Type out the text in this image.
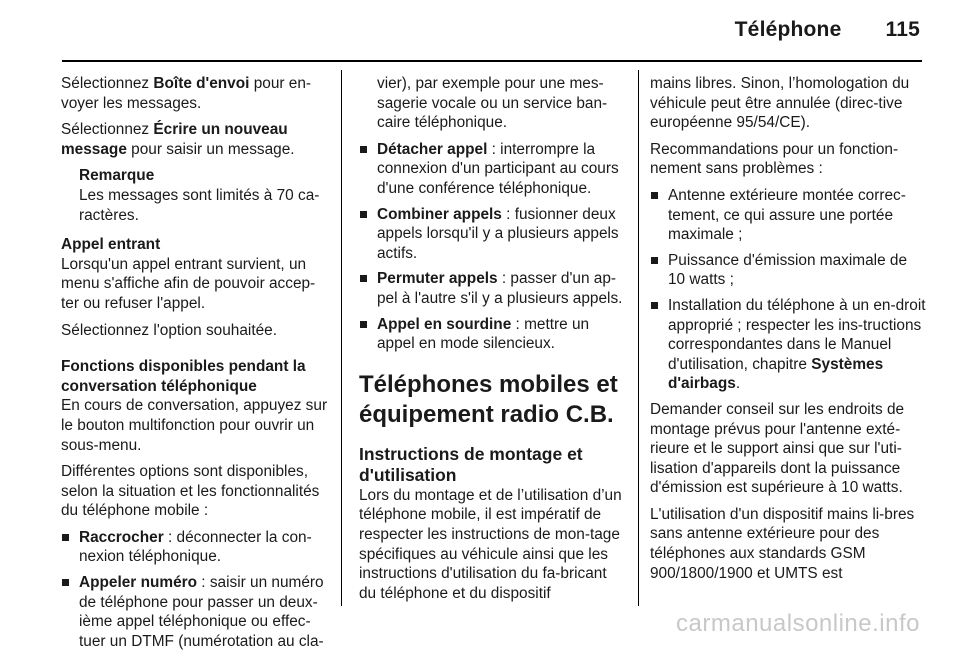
Téléphone 115

Sélectionnez Boîte d'envoi pour en-voyer les messages.

Sélectionnez Écrire un nouveau message pour saisir un message.

Remarque
Les messages sont limités à 70 ca-ractères.
Appel entrant

Lorsqu'un appel entrant survient, un menu s'affiche afin de pouvoir accep-ter ou refuser l'appel.

Sélectionnez l'option souhaitée.

Fonctions disponibles pendant la conversation téléphonique

En cours de conversation, appuyez sur le bouton multifonction pour ouvrir un sous-menu.

Différentes options sont disponibles, selon la situation et les fonctionnalités du téléphone mobile :

Raccrocher : déconnecter la con-nexion téléphonique.
Appeler numéro : saisir un numéro de téléphone pour passer un deux-ième appel téléphonique ou effec-tuer un DTMF (numérotation au cla-

vier), par exemple pour une mes-sagerie vocale ou un service ban-caire téléphonique.

Détacher appel : interrompre la connexion d'un participant au cours d'une conférence téléphonique.
Combiner appels : fusionner deux appels lorsqu'il y a plusieurs appels actifs.
Permuter appels : passer d'un ap-pel à l'autre s'il y a plusieurs appels.
Appel en sourdine : mettre un appel en mode silencieux.
Téléphones mobiles et équipement radio C.B.
Instructions de montage et d'utilisation

Lors du montage et de l’utilisation d’un téléphone mobile, il est impératif de respecter les instructions de mon-tage spécifiques au véhicule ainsi que les instructions d'utilisation du fa-bricant du téléphone et du dispositif

mains libres. Sinon, l’homologation du véhicule peut être annulée (direc-tive européenne 95/54/CE).

Recommandations pour un fonction-nement sans problèmes :

Antenne extérieure montée correc-tement, ce qui assure une portée maximale ;
Puissance d'émission maximale de 10 watts ;
Installation du téléphone à un en-droit approprié ; respecter les ins-tructions correspondantes dans le Manuel d'utilisation, chapitre Systèmes d'airbags.

Demander conseil sur les endroits de montage prévus pour l'antenne exté-rieure et le support ainsi que sur l'uti-lisation d'appareils dont la puissance d'émission est supérieure à 10 watts.

L'utilisation d'un dispositif mains li-bres sans antenne extérieure pour des téléphones aux standards GSM 900/1800/1900 et UMTS est

carmanualsonline.info
